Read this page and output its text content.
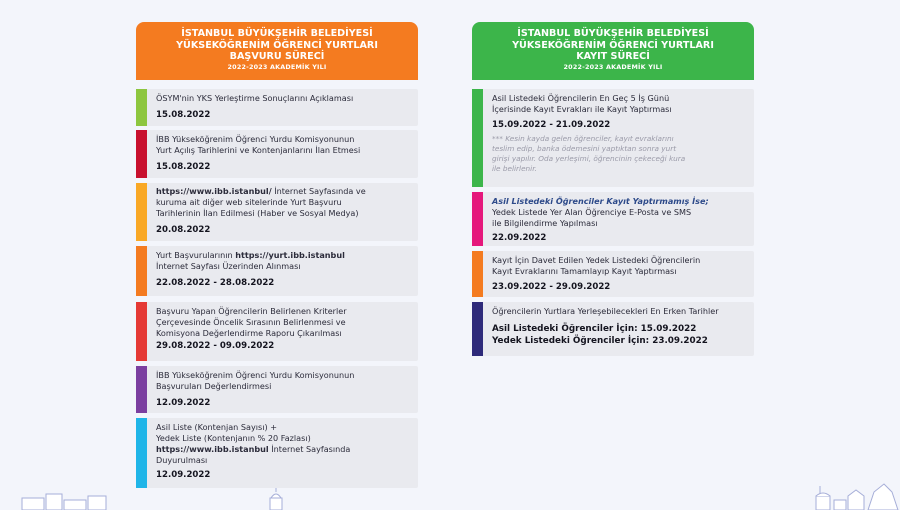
İSTANBUL BÜYÜKŞEHİR BELEDİYESİ
YÜKSEKÖĞRENİM ÖĞRENCİ YURTLARI
BAŞVURU SÜRECİ
2022-2023 AKADEMİK YILI
ÖSYM'nin YKS Yerleştirme Sonuçlarını Açıklaması
15.08.2022
İBB Yükseköğrenim Öğrenci Yurdu Komisyonunun
Yurt Açılış Tarihlerini ve Kontenjanlarını İlan Etmesi
15.08.2022
https://www.ibb.istanbul/ İnternet Sayfasında ve
kuruma ait diğer web sitelerinde Yurt Başvuru
Tarihlerinin İlan Edilmesi (Haber ve Sosyal Medya)
20.08.2022
Yurt Başvurularının https://yurt.ibb.istanbul
İnternet Sayfası Üzerinden Alınması
22.08.2022 - 28.08.2022
Başvuru Yapan Öğrencilerin Belirlenen Kriterler
Çerçevesinde Öncelik Sırasının Belirlenmesi ve
Komisyona Değerlendirme Raporu Çıkarılması
29.08.2022 - 09.09.2022
İBB Yükseköğrenim Öğrenci Yurdu Komisyonunun
Başvuruları Değerlendirmesi
12.09.2022
Asil Liste (Kontenjan Sayısı) +
Yedek Liste (Kontenjanın % 20 Fazlası)
https://www.ibb.istanbul İnternet Sayfasında
Duyurulması
12.09.2022
İSTANBUL BÜYÜKŞEHİR BELEDİYESİ
YÜKSEKÖĞRENİM ÖĞRENCİ YURTLARI
KAYIT SÜRECİ
2022-2023 AKADEMİK YILI
Asil Listedeki Öğrencilerin En Geç 5 İş Günü
İçerisinde Kayıt Evrakları ile Kayıt Yaptırması
15.09.2022 - 21.09.2022
*** Kesin kayda gelen öğrenciler, kayıt evraklarını
teslim edip, banka ödemesini yaptıktan sonra yurt
girişi yapılır. Oda yerleşimi, öğrencinin çekeceği kura
ile belirlenir.
Asil Listedeki Öğrenciler Kayıt Yaptırmamış İse;
Yedek Listede Yer Alan Öğrenciye E-Posta ve SMS
ile Bilgilendirme Yapılması
22.09.2022
Kayıt İçin Davet Edilen Yedek Listedeki Öğrencilerin
Kayıt Evraklarını Tamamlayıp Kayıt Yaptırması
23.09.2022 - 29.09.2022
Öğrencilerin Yurtlara Yerleşebilecekleri En Erken Tarihler
Asil Listedeki Öğrenciler İçin: 15.09.2022
Yedek Listedeki Öğrenciler İçin: 23.09.2022
